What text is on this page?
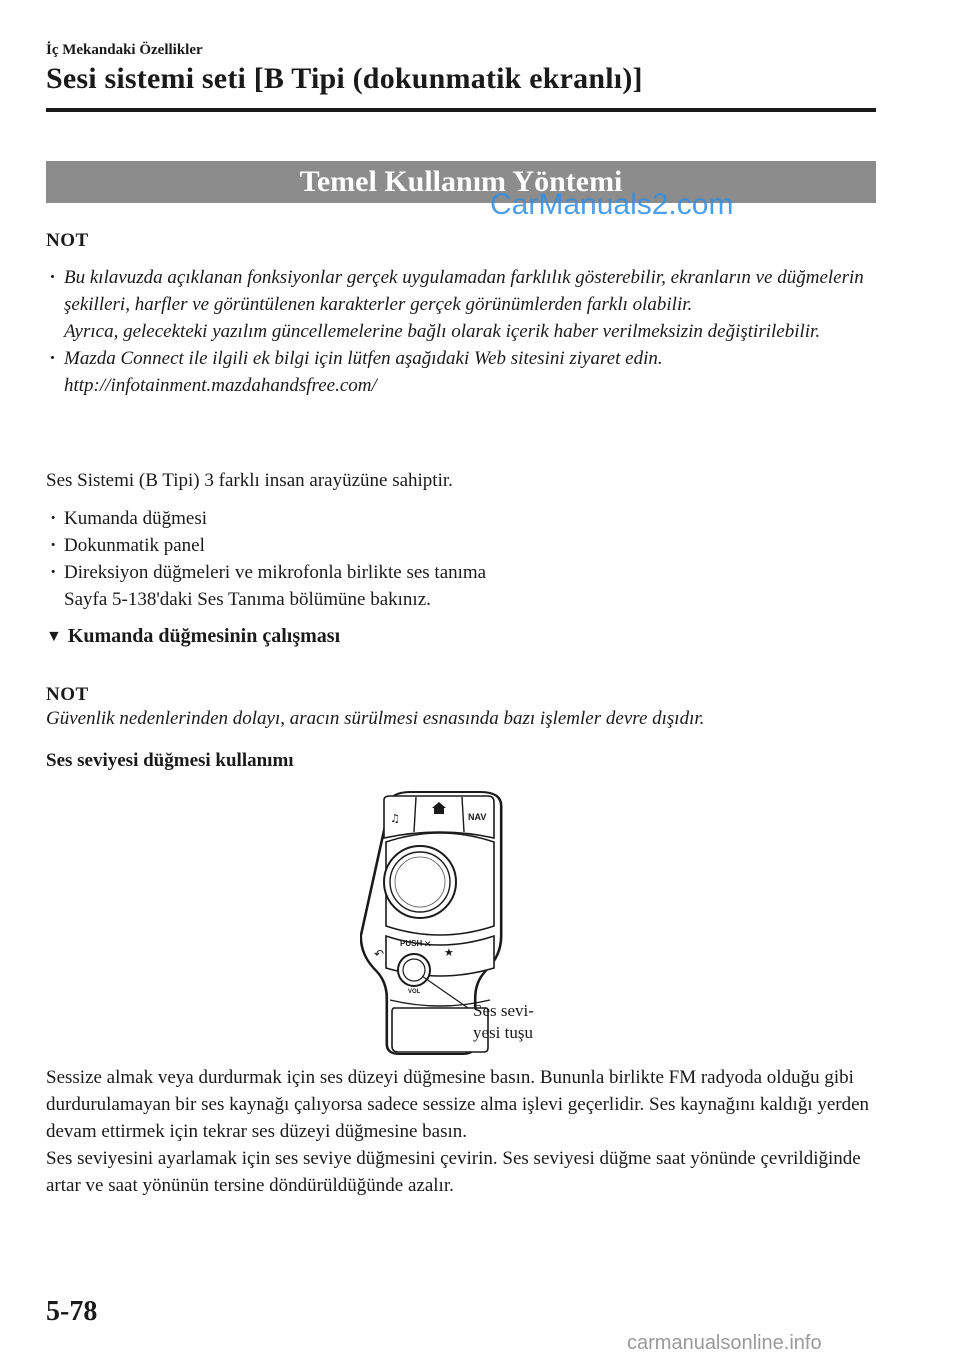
İç Mekandaki Özellikler
Sesi sistemi seti [B Tipi (dokunmatik ekranlı)]
Temel Kullanım Yöntemi
CarManuals2.com
NOT
· Bu kılavuzda açıklanan fonksiyonlar gerçek uygulamadan farklılık gösterebilir, ekranların ve düğmelerin şekilleri, harfler ve görüntülenen karakterler gerçek görünümlerden farklı olabilir.
Ayrıca, gelecekteki yazılım güncellemelerine bağlı olarak içerik haber verilmeksizin değiştirilebilir.
· Mazda Connect ile ilgili ek bilgi için lütfen aşağıdaki Web sitesini ziyaret edin.
http://infotainment.mazdahandsfree.com/
Ses Sistemi (B Tipi) 3 farklı insan arayüzüne sahiptir.
· Kumanda düğmesi
· Dokunmatik panel
· Direksiyon düğmeleri ve mikrofonla birlikte ses tanıma
Sayfa 5-138'daki Ses Tanıma bölümüne bakınız.
▼ Kumanda düğmesinin çalışması
NOT
Güvenlik nedenlerinden dolayı, aracın sürülmesi esnasında bazı işlemler devre dışıdır.
Ses seviyesi düğmesi kullanımı
♫	NAV
↶
PUSH ✕
★
VOL
Ses sevi-
yesi tuşu

Sessize almak veya durdurmak için ses düzeyi düğmesine basın. Bununla birlikte FM radyoda olduğu gibi durdurulamayan bir ses kaynağı çalıyorsa sadece sessize alma işlevi geçerlidir. Ses kaynağını kaldığı yerden devam ettirmek için tekrar ses düzeyi düğmesine basın.

Ses seviyesini ayarlamak için ses seviye düğmesini çevirin. Ses seviyesi düğme saat yönünde çevrildiğinde artar ve saat yönünün tersine döndürüldüğünde azalır.

5-78
carmanualsonline.info
